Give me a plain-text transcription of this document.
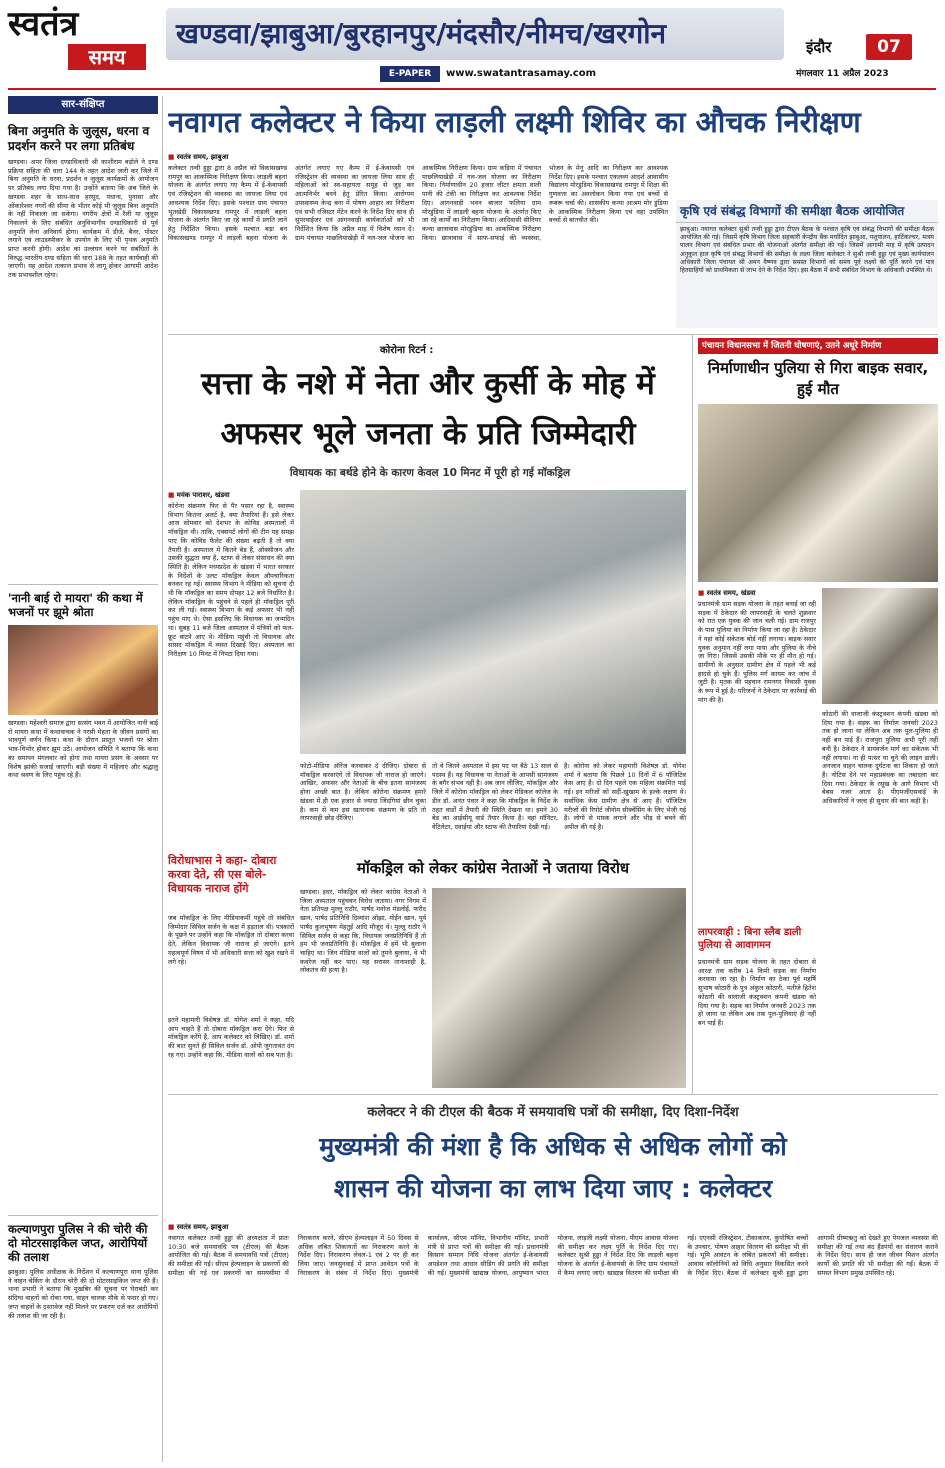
स्वतंत्र
समय
खण्डवा/झाबुआ/बुरहानपुर/मंदसौर/नीमच/खरगोन
E-PAPER	www.swatantrasamay.com
इंदौर	07
मंगलवार 11 अप्रैल 2023
सार-संक्षिप्त
बिना अनुमति के जुलूस, धरना व प्रदर्शन करने पर लगा प्रतिबंध
खण्डवा। अपर जिला दण्डाधिकारी श्री काशीराम बड़ोले ने दण्ड प्रक्रिया संहिता की धारा 144 के तहत आदेश जारी कर जिले में बिना अनुमति के धरना, प्रदर्शन व जुलूस कार्यक्रमों के आयोजन पर प्रतिबंध लगा दिया गया है। उन्होंने बताया कि अब जिले के खण्डवा शहर के साथ-साथ हरसूद, पंधाना, पुनासा और ओंकारेश्वर नगरों की सीमा के भीतर कोई भी जुलूस बिना अनुमति के नहीं निकाला जा सकेगा। नगरीय क्षेत्रों में रैली या जुलूस निकालने के लिए संबंधित अनुविभागीय दण्डाधिकारी से पूर्व अनुमति लेना अनिवार्य होगा। कार्यक्रम में डीजे, बैनर, पोस्टर लगाने एवं लाउडस्पीकर के उपयोग के लिए भी पृथक अनुमति प्राप्त करनी होगी। आदेश का उल्लंघन करने पर संबंधितों के विरुद्ध भारतीय दण्ड संहिता की धारा 188 के तहत कार्यवाही की जाएगी। यह आदेश तत्काल प्रभाव से लागू होकर आगामी आदेश तक प्रभावशील रहेगा।
'नानी बाई रो मायरा' की कथा में भजनों पर झूमे श्रोता
खण्डवा। महेश्वरी समाज द्वारा सत्संग भवन में आयोजित नानी बाई रो मायरा कथा में कथावाचक ने नरसी मेहता के जीवन प्रसंगों का भावपूर्ण वर्णन किया। कथा के दौरान प्रस्तुत भजनों पर श्रोता भाव-विभोर होकर झूम उठे। आयोजन समिति ने बताया कि कथा का समापन मंगलवार को होगा तथा मायरा प्रसंग के अवसर पर विशेष झांकी सजाई जाएगी। बड़ी संख्या में महिलाएं और श्रद्धालु कथा श्रवण के लिए पहुंच रहे हैं।
कल्याणपुरा पुलिस ने की चोरी की दो मोटरसाइकिल जप्त, आरोपियों की तलाश
झाबुआ। पुलिस अधीक्षक के निर्देशन में कल्याणपुरा थाना पुलिस ने वाहन चेकिंग के दौरान चोरी की दो मोटरसाइकिल जप्त की हैं। थाना प्रभारी ने बताया कि मुखबिर की सूचना पर घेराबंदी कर संदिग्ध वाहनों को रोका गया, वाहन चालक मौके से फरार हो गए। जप्त वाहनों के दस्तावेज नहीं मिलने पर प्रकरण दर्ज कर आरोपियों की तलाश की जा रही है।
नवागत कलेक्टर ने किया लाड़ली लक्ष्मी शिविर का औचक निरीक्षण
■ स्वतंत्र समय, झाबुआ
कलेक्टर तन्वी हुड्डा द्वारा 8 अप्रैल को विकासखण्ड रामपुर का आकस्मिक निरीक्षण किया। लाड़ली बहना योजना के अंतर्गत लगाए गए कैम्प में ई-केवायसी एवं रजिस्ट्रेशन की व्यवस्था का जायजा लिया एवं आवश्यक निर्देश दिए। इसके पश्चात ग्राम पंचायत भूतखेड़ी विकासखण्ड रामपुर में लाड़ली बहना योजना के अंतर्गत किए जा रहे कार्यों में प्रगति लाने हेतु निर्देशित किया। इसके पश्चात बड़ा बन विकासखण्ड रामपुर में लाड़ली बहना योजना के अंतर्गत लगाए गए कैम्प में ई-केवायसी एवं रजिस्ट्रेशन की व्यवस्था का जायजा लिया साथ ही महिलाओं को स्व-सहायता समूह से जुड़ कर आत्मनिर्भर बनने हेतु प्रेरित किया। आरोग्यम उपस्वास्थ्य केन्द्र बना में पोषण आहार का निरीक्षण एवं सभी रजिस्टर मेंटेन करने के निर्देश दिए साथ ही सुपरवाईजर एवं आंगनवाड़ी कार्यकर्ताओं को भी निर्देशित किया कि अप्रैल माह में विशेष ध्यान दें। ग्राम पंचायत माछलियाखेड़ी में नल-जल योजना का आकस्मिक निरीक्षण किया। ग्राम कड़िया में पंचायत माछलियाखेड़ी में नल-जल योजना का निरीक्षण किया। निर्माणाधीन 20 हजार लीटर क्षमता वाली पानी की टंकी का निरीक्षण कर आवश्यक निर्देश दिए। आंगनवाड़ी भवन बाजार फलिया ग्राम मोरडुंडिया में लाड़ली बहना योजना के अंतर्गत किए जा रहे कार्यों का निरीक्षण किया। आदिवासी सीनियर कन्या छात्रावास मोरडुंडिया का आकस्मिक निरीक्षण किया। छात्रावास में साफ-सफाई की व्यवस्था, भोजन के मेनू आदि का निरीक्षण कर आवश्यक निर्देश दिए। इसके पश्चात एकलव्य आदर्श आवासीय विद्यालय मोरडुंडिया विकासखण्ड रामपुर में शिक्षा की गुणवत्ता का अवलोकन किया गया एवं बच्चों से रूबरू चर्चा की। शासकीय कन्या आश्रम मोर डुंडिया के आकस्मिक निरीक्षण किया एवं वहां उपस्थित बच्चों से बातचीत की।
कृषि एवं संबंद्ध विभागों की समीक्षा बैठक आयोजित
झाबुआ। नवागत कलेक्टर सुश्री तन्वी हुड्डा द्वारा टीएल बैठक के पश्चात कृषि एवं संबंद्ध विभागों की समीक्षा बैठक आयोजित की गई। जिसमें कृषि विभाग जिला सहकारी केन्द्रीय बैंक मर्यादित झाबुआ, पशुपालन, हार्टिकल्चर, मत्स्य पालन विभाग एवं संबंधित प्रभार की योजनाओं अंतर्गत समीक्षा की गई। जिसमें आगामी माह में कृषि उत्पादन अनुकूल हाल कृषि एवं संबद्ध विभागों की समीक्षा के लक्ष्य जिला कलेक्टर ने सुश्री तन्वी हुड्डा एवं मुख्य कार्यपालन अधिकारी जिला पंचायत श्री अमन वैष्णव द्वारा समस्त विभागों को समय पूर्व लक्ष्यों की पूर्ति करने एवं पात्र हितग्राहियों को प्राथमिकता से लाभ देने के निर्देश दिए। इस बैठक में सभी संबंधित विभाग के अधिकारी उपस्थित थे।
कोरोना रिटर्न :
सत्ता के नशे में नेता और कुर्सी के मोह में
अफसर भूले जनता के प्रति जिम्मेदारी
विधायक का बर्थडे होने के कारण केवल 10 मिनट में पूरी हो गई मॉकड्रिल
■ मयंक पाराशर, खंडवा
कोरोना संक्रमण फिर से पैर पसार रहा है, स्वास्थ्य विभाग कितना अलर्ट है, क्या तैयारियां हैं। इसे लेकर आज सोमवार को देशभर के कोविड अस्पतालों में मॉकड्रिल थी। ताकि, एक्सपर्ट लोगों की टीम यह समझ पाए कि कोविड फैलेट की संख्या बढ़ती है तो क्या तैयारी है। अस्पताल में कितने बेड हैं, ऑक्सीजन और उसकी सुद्धता क्या है, स्टाफ से लेकर संसाधन की क्या स्थिति है। लेकिन मध्यप्रदेश के खंडवा में भारत सरकार के निर्देशों के उलट मॉकड्रिल केवल औपचारिकता बनकर रह गई। स्वास्थ्य विभाग ने मीडिया को सूचना दी थी कि मॉकड्रिल का समय दोपहर 12 बजे निर्धारित है। लेकिन मॉकड्रिल के पहुंचने से पहले ही मॉकड्रिल पूरी कर ली गई। स्वास्थ्य विभाग के कई अफसर भी नहीं पहुंच पाए थे। ऐसा इसलिए कि विधायक का जन्मदिन था। सुबह 11 बजे जिला अस्पताल में मंत्रियों को फल-फ्रूट बांटने आए थे। मीडिया पहुंची तो विधायक और सांसद मॉकड्रिल में व्यस्त दिखाई दिए। अस्पताल का निरीक्षण 10 मिनट में निपटा दिया गया।
फोटो-मीडिया ऑरेंज करवाकर दे दीजिए। दोबारा से मॉकड्रिल करवाएंगे तो विधायक जी नाराज हो जाएंगे। आखिर, अफसर और नेताओं के बीच इतना सामंजस्य होना अच्छी बात है। लेकिन कोरोना संक्रमण हमारे खंडवा में ही एक हजार से ज्यादा जिंदगियां छीन चुका है। कम से कम इस खतरनाक संक्रमण के प्रति तो लापरवाही छोड़ दीजिए।
तो वे जितने अस्पताल में इस पद पर बैठे 13 साल से पदस्थ हैं। यह विधायक या नेताओं के आपसी सामंजस्य के बगैर संभव नहीं है। अब जान लीजिए, मॉकड्रिल और जिले में कोरोना मॉकड्रिल को लेकर मेडिकल कॉलेज के डीन डॉ. अनंत पंवार ने कहा कि मॉकड्रिल के निर्देश के तहत वार्डों में तैयारी की स्थिति देखना था। हमने 30 बेड का आईसीयू वार्ड तैयार किया है। वहां मॉनिटर, वेंटिलेटर, दवाईयां और स्टाफ की तैयारियां देखी गई।
है। कोरोना को लेकर महामारी विशेषज्ञ डॉ. योगेश शर्मा ने बताया कि पिछले 10 दिनों में 6 पॉजिटिव केस आए हैं। दो दिन पहले एक महिला संक्रमित पाई गई। इन मरीजों को सर्दी-खुखाम के हल्के लक्षण थे। सर्वाधिक केस ग्रामीण क्षेत्र से आए हैं। पॉजिटिव मरीजों की रिपोर्ट जीनोम सीक्वेंसिंग के लिए भेजी गई है। लोगों से मास्क लगाने और भीड़ से बचने की अपील की गई है।
विरोधाभास ने कहा- दोबारा करवा देते, सी एस बोले- विधायक नाराज होंगे
जब मॉकड्रिल के लिए मीडियाकर्मी पहुंचे तो संबंधित जिम्मेदार सिविल सर्जन के कक्ष में हड़ताल थी। पत्रकारों के पूछने पर उन्होंने कहा कि मॉकड्रिल तो दोबारा करवा देते, लेकिन विधायक जी नाराज हो जाएंगे। इतने महत्वपूर्ण विषय में भी अधिकारी सत्ता को खुश रखने में लगे रहे।
इतने महामारी विशेषज्ञ डॉ. योगेश शर्मा ने कहा, यदि आप चाहते हैं तो दोबारा मॉकड्रिल करा देंगे। फिर से मॉकड्रिल करेंगे हैं, आप कलेक्टर को लिखिए। डॉ. शर्मा की बात सुनते ही सिविल सर्जन डॉ. ओपी जुगतावत दंग रह गए। उन्होंने कहा कि, मीडिया वालों को सब पता है।
मॉकड्रिल को लेकर कांग्रेस नेताओं ने जताया विरोध
खण्डवा। इधर, मॉकड्रिल को लेकर कांग्रेस नेताओं ने जिला अस्पताल पहुंचकर विरोध जताया। नगर निगम में नेता प्रतिपक्ष मुल्लू राठौर, पार्षद मनोज मंडलोई, फरीद खान, पार्षद प्रतिनिधि दिव्यांश ओझा, मोईन खान, पूर्व पार्षद कुलभूषण मेहतुई आदि मौजूद थे। मुल्लू राठौर ने सिविल सर्जन से कहा कि, विधायक जनप्रतिनिधि हैं तो हम भी जनप्रतिनिधि हैं। मॉकड्रिल में हमें भी बुलाना चाहिए था। जिन मीडिया वालों को तुमने बुलाया, वे भी कवरेज नहीं कर पाए। यह सरासर तानाशाही है, लोकतंत्र की हत्या है।
पंचायन विधानसभा में जितनी घोषणाएं, उतने अधूरे निर्माण
निर्माणाधीन पुलिया से गिरा बाइक सवार, हुई मौत
■ स्वतंत्र समय, खंडवा
प्रधानमंत्री ग्राम सड़क योजना के तहत बनाई जा रही सड़क में ठेकेदार की लापरवाही के चलते शुक्रवार को रात एक युवक की जान चली गई। ग्राम राजपुर के पास पुलिया का निर्माण किया जा रहा है। ठेकेदार ने यहां कोई संकेतक बोर्ड नहीं लगाया। बाइक सवार युवक अनुमान नहीं लगा पाया और पुलिया के नीचे जा गिरा। जिससे उसकी मौके पर ही मौत हो गई। ग्रामीणों के अनुसार ग्रामीण क्षेत्र में पहले भी कई हादसे हो चुके हैं। पुलिस मर्ग कायम कर जांच में जुटी है। मृतक की पहचान रामनगर निवासी युवक के रूप में हुई है। परिजनों ने ठेकेदार पर कार्रवाई की मांग की है।
कोठारी की वालाजी कंस्ट्रक्शन कंपनी खंडवा को दिया गया है। सड़क का निर्माण जनवरी 2023 तक हो जाना था लेकिन अब तक पुल-पुलिया ही नहीं बन पाई हैं। राजपुरा पुलिया अभी पूरी नहीं बनी है। ठेकेदार ने डायवर्जन मार्ग का संकेतक भी नहीं लगाया। ना ही पत्थर या चूने की लाइन डाली। अनजान वाहन चालक दुर्घटना का शिकार हो जाते हैं। नोटिस देने पर महाप्रबंधक का तबादला कर दिया गया। ठेकेदार के रसूख के आगे विभाग भी बेबस नजर आता है। पीएमजीएसवाई के अधिकारियों ने जल्द ही सुधार की बात कही है।
लापरवाही : बिना स्लैब डाली पुलिया से आवागमन
प्रधानमंत्री ग्राम सड़क योजना के तहत दोबारा से आरक्ष तक करीब 14 किमी सड़क का निर्माण करवाया जा रहा है। निर्माण का ठेका पूर्व महर्षि सुभाष कोठारी के पुत्र अंकुल कोठारी, भतीजे हितेश कोठारी की वालाजी कंस्ट्रक्शन कंपनी खंडवा को दिया गया है। सड़क का निर्माण जनवरी 2023 तक हो जाना था लेकिन अब तक पुल-पुलियाएं ही नहीं बन पाई हैं।
कलेक्टर ने की टीएल की बैठक में समयावधि पत्रों की समीक्षा, दिए दिशा-निर्देश
मुख्यमंत्री की मंशा है कि अधिक से अधिक लोगों को
शासन की योजना का लाभ दिया जाए : कलेक्टर
■ स्वतंत्र समय, झाबुआ
नवागत कलेक्टर तन्वी हुड्डा की अध्यक्षता में प्रातः 10:30 बजे समयावधि पत्र (टीएल) की बैठक आयोजित की गई। बैठक में समयावधि पत्रों (टीएल) की समीक्षा की गई। सीएम हेल्पलाइन के प्रकरणों की समीक्षा की गई एवं प्रकरणों का समयसीमा में निराकरण करने, सीएम हेल्पलाइन में 50 दिवस से अधिक लंबित शिकायतों का निराकरण करने के निर्देश दिए। निराकरण लेवल-1 एवं 2 पर ही कर लिया जाए। जनसुनवाई में प्राप्त आवेदन पत्रों के निराकरण के संबंध में निर्देश दिए। मुख्यमंत्री कार्यालय, सीएम मॉनिट, विभागीय मॉनिट, प्रभारी मंत्री से प्राप्त पत्रों की समीक्षा की गई। प्रधानमंत्री किसान सम्मान निधि योजना अंतर्गत ई-केवायसी अपडेशन तथा आधार सीडिंग की प्रगति की समीक्षा की गई। मुख्यमंत्री खाद्यान्न योजना, आयुष्मान भारत योजना, लाड़ली लक्ष्मी योजना, पीएम आवास योजना की समीक्षा कर लक्ष्य पूर्ति के निर्देश दिए गए। कलेक्टर सुश्री हुड्डा ने निर्देश दिए कि लाड़ली बहना योजना के अंतर्गत ई-केवायसी के लिए ग्राम पंचायतों में कैम्प लगाए जाएं। खाद्यान्न वितरण की समीक्षा की गई। एएनसी रजिस्ट्रेशन, टीकाकरण, कुपोषित बच्चों के उपचार, पोषण आहार वितरण की समीक्षा भी की गई। भूमि आवंटन के लंबित प्रकरणों की समीक्षा। आवास कॉलोनियों को विधि अनुसार विकसित करने के निर्देश दिए। बैठक में कलेक्टर सुश्री हुड्डा द्वारा आगामी ग्रीष्मऋतु को देखते हुए पेयजल व्यवस्था की समीक्षा की गई तथा बंद हैंडपंपों का संधारण कराने के निर्देश दिए। साथ ही जल जीवन मिशन अंतर्गत कार्यों की प्रगति की भी समीक्षा की गई। बैठक में समस्त विभाग प्रमुख उपस्थित रहे।
